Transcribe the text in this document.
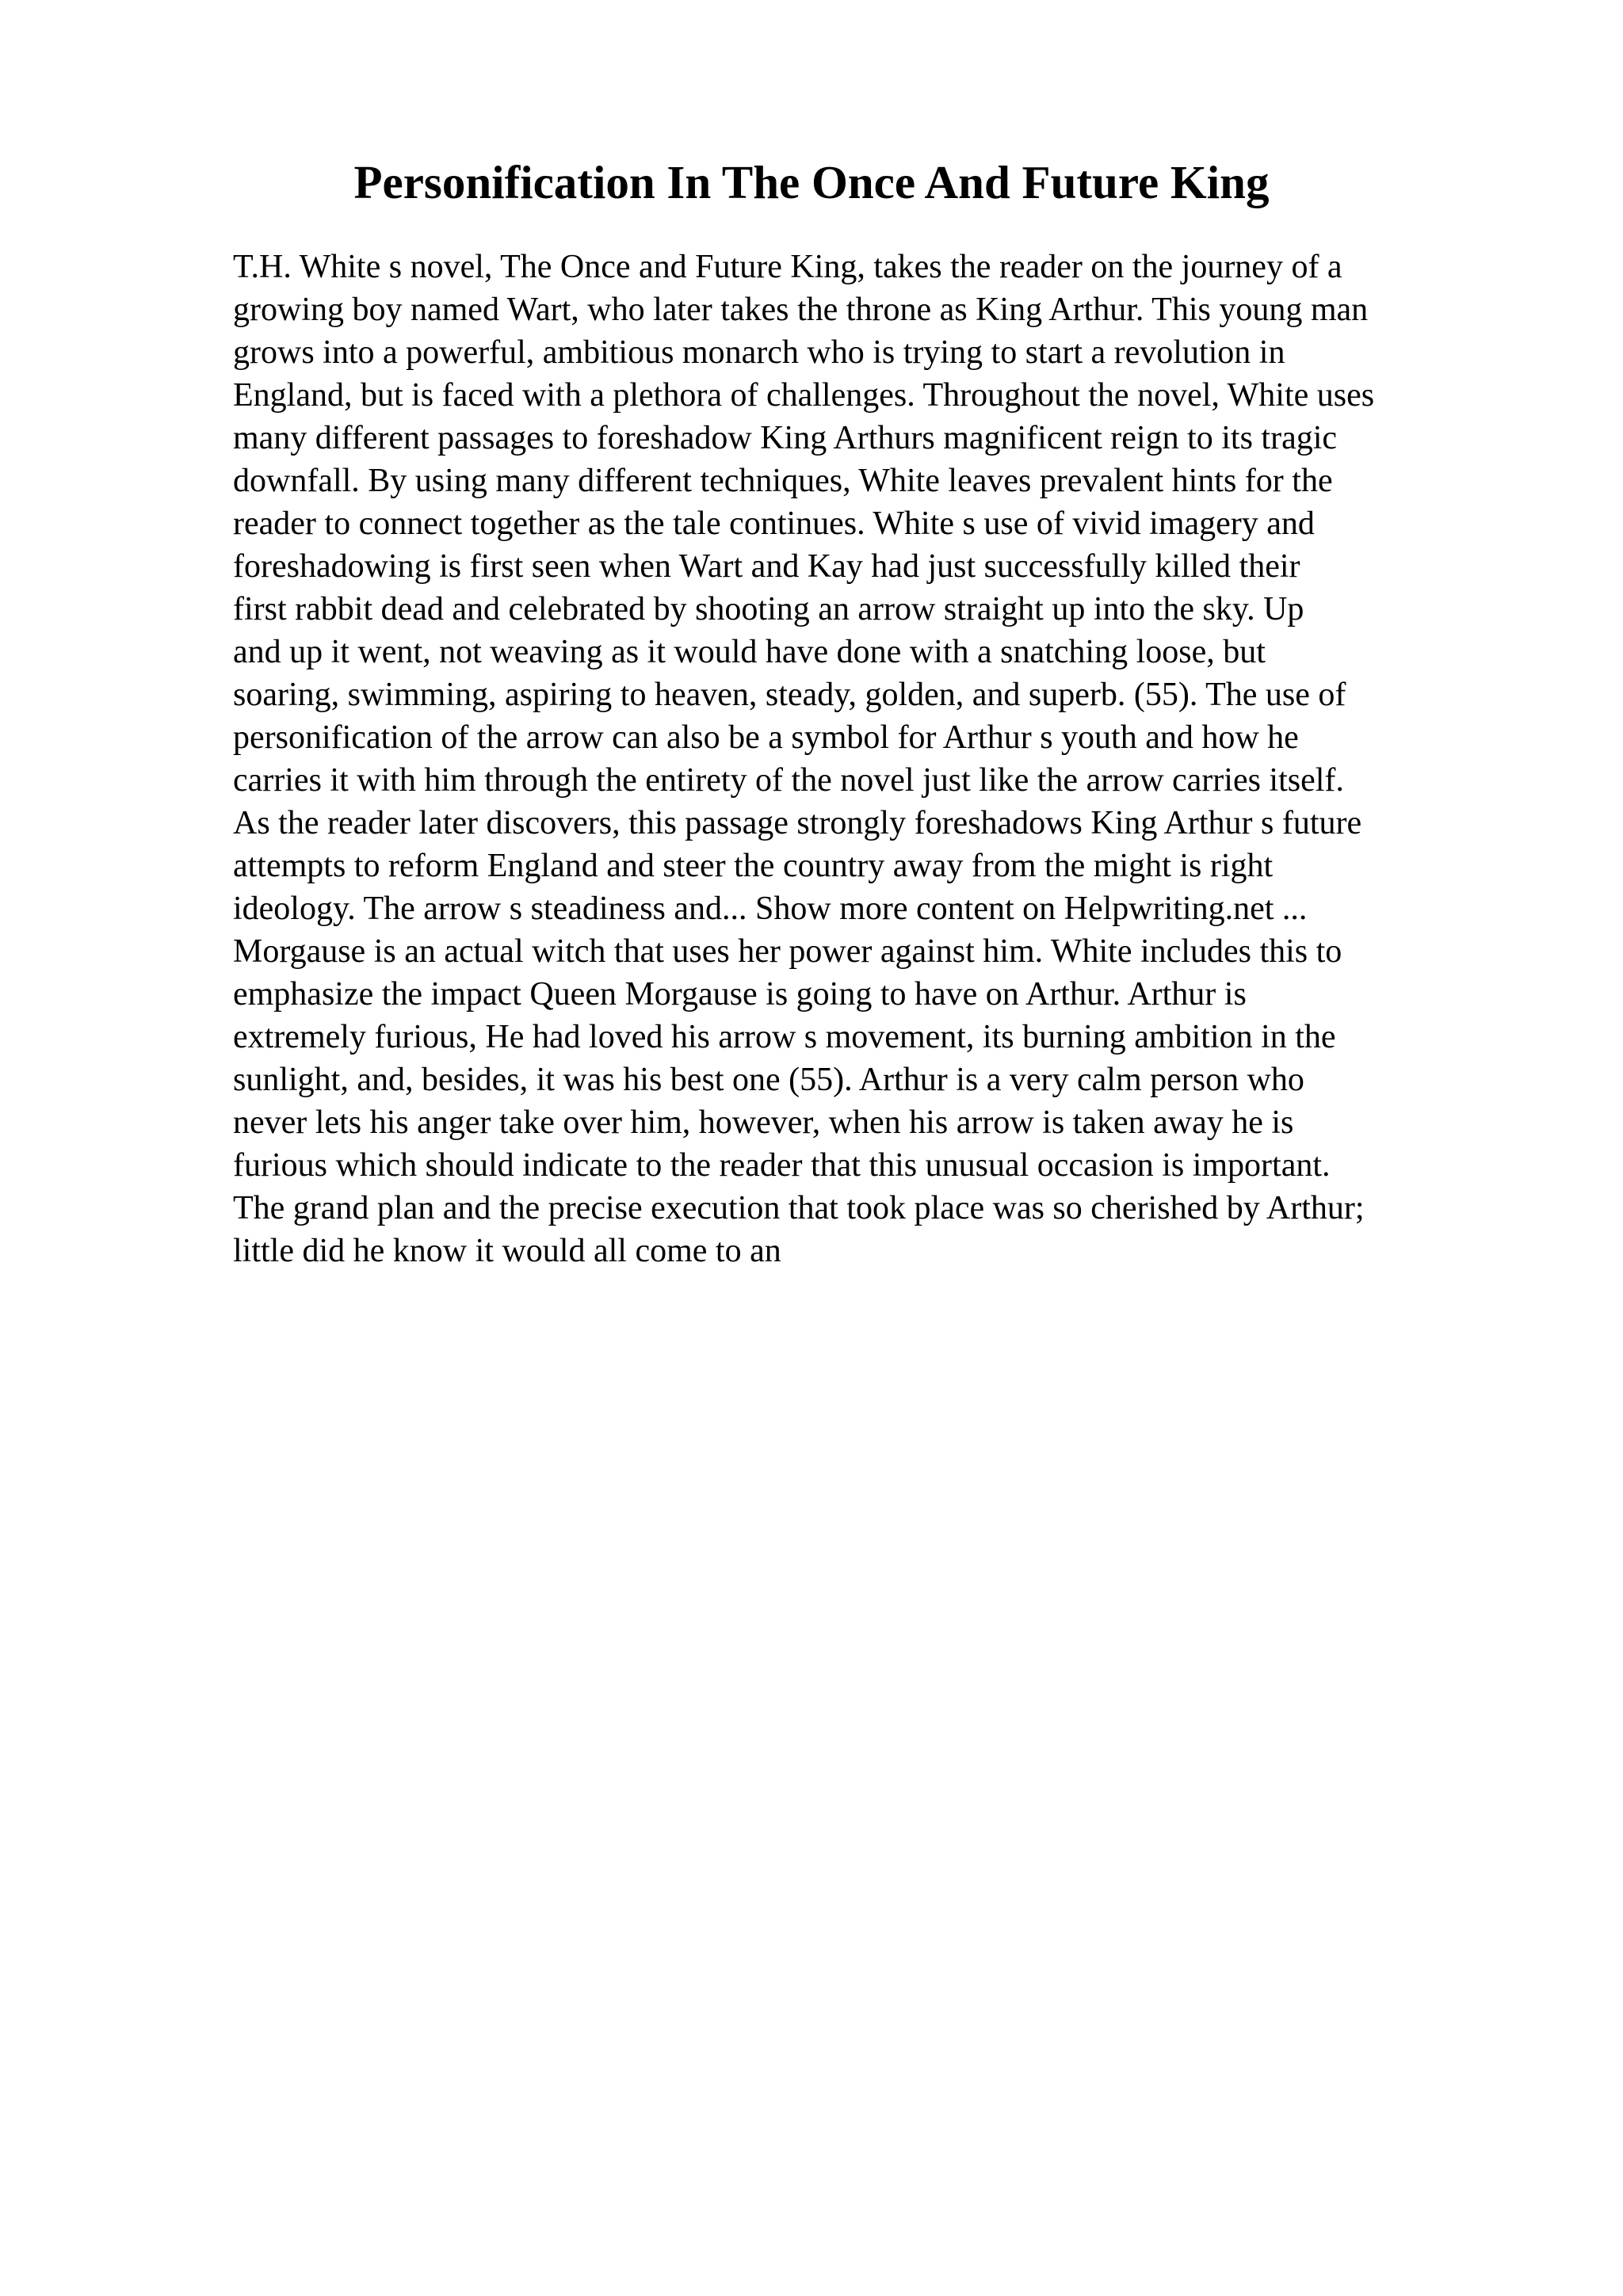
Personification In The Once And Future King
T.H. White s novel, The Once and Future King, takes the reader on the journey of a
growing boy named Wart, who later takes the throne as King Arthur. This young man
grows into a powerful, ambitious monarch who is trying to start a revolution in
England, but is faced with a plethora of challenges. Throughout the novel, White uses
many different passages to foreshadow King Arthurs magnificent reign to its tragic
downfall. By using many different techniques, White leaves prevalent hints for the
reader to connect together as the tale continues. White s use of vivid imagery and
foreshadowing is first seen when Wart and Kay had just successfully killed their
first rabbit dead and celebrated by shooting an arrow straight up into the sky. Up
and up it went, not weaving as it would have done with a snatching loose, but
soaring, swimming, aspiring to heaven, steady, golden, and superb. (55). The use of
personification of the arrow can also be a symbol for Arthur s youth and how he
carries it with him through the entirety of the novel just like the arrow carries itself.
As the reader later discovers, this passage strongly foreshadows King Arthur s future
attempts to reform England and steer the country away from the might is right
ideology. The arrow s steadiness and... Show more content on Helpwriting.net ...
Morgause is an actual witch that uses her power against him. White includes this to
emphasize the impact Queen Morgause is going to have on Arthur. Arthur is
extremely furious, He had loved his arrow s movement, its burning ambition in the
sunlight, and, besides, it was his best one (55). Arthur is a very calm person who
never lets his anger take over him, however, when his arrow is taken away he is
furious which should indicate to the reader that this unusual occasion is important.
The grand plan and the precise execution that took place was so cherished by Arthur;
little did he know it would all come to an
